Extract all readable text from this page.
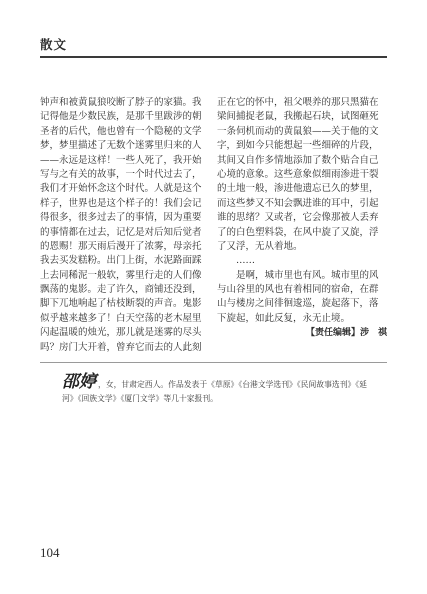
散文
钟声和被黄鼠狼咬断了脖子的家猫。我
记得他是少数民族，是那千里跋涉的朝
圣者的后代，他也曾有一个隐秘的文学
梦，梦里描述了无数个迷雾里归来的人
——永远是这样！一些人死了，我开始
写与之有关的故事，一个时代过去了，
我们才开始怀念这个时代。人就是这个
样子，世界也是这个样子的！我们会记
得很多，很多过去了的事情，因为重要
的事情都在过去，记忆是对后知后觉者
的恩赐！那天雨后漫开了浓雾，母亲托
我去买发糕粉。出门上街，水泥路面踩
上去同稀泥一般软，雾里行走的人们像
飘荡的鬼影。走了许久，商铺还没到，
脚下兀地响起了枯枝断裂的声音。鬼影
似乎越来越多了！白天空荡的老木屋里
闪起温暖的烛光，那儿就是迷雾的尽头
吗？房门大开着，曾弃它而去的人此刻
正在它的怀中，祖父喂养的那只黑猫在
梁间捕捉老鼠，我搬起石块，试图砸死
一条伺机而动的黄鼠狼——关于他的文
字，到如今只能想起一些细碎的片段，
其间又自作多情地添加了数个贴合自己
心境的意象。这些意象似细雨渗进干裂
的土地一般，渗进他遗忘已久的梦里，
而这些梦又不知会飘进谁的耳中，引起
谁的思绪？又或者，它会像那被人丢弃
了的白色塑料袋，在风中旋了又旋，浮
了又浮，无从着地。
……
是啊，城市里也有风。城市里的风
与山谷里的风也有着相同的宿命，在群
山与楼房之间徘徊逡巡，旋起落下，落
下旋起，如此反复，永无止境。
【责任编辑】涉　祺
邵婷 ，女，甘肃定西人。作品发表于《草原》《台港文学选刊》《民间故事选刊》《延
河》《回族文学》《厦门文学》等几十家报刊。
104
